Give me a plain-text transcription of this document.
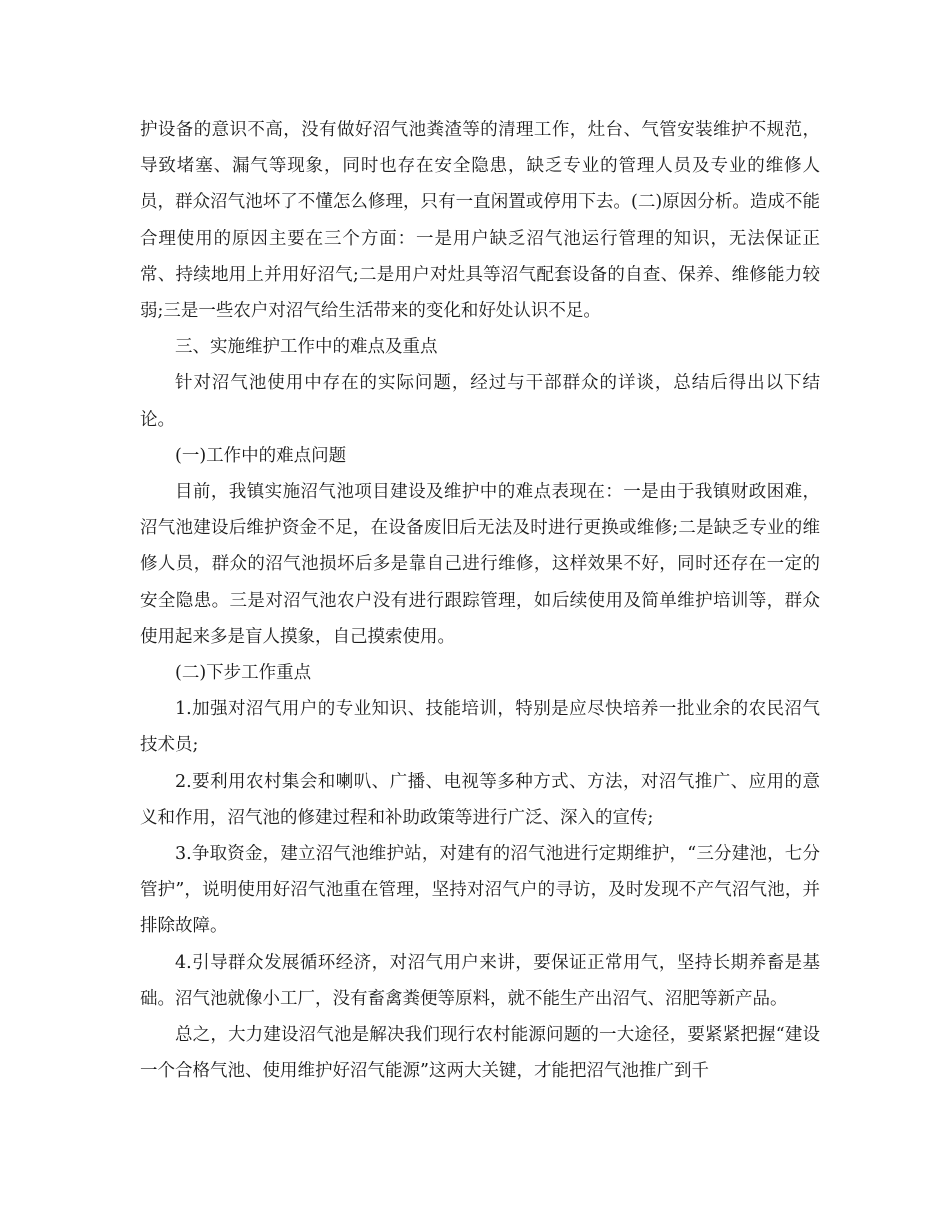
护设备的意识不高，没有做好沼气池粪渣等的清理工作，灶台、气管安装维护不规范，导致堵塞、漏气等现象，同时也存在安全隐患，缺乏专业的管理人员及专业的维修人员，群众沼气池坏了不懂怎么修理，只有一直闲置或停用下去。(二)原因分析。造成不能合理使用的原因主要在三个方面：一是用户缺乏沼气池运行管理的知识，无法保证正常、持续地用上并用好沼气;二是用户对灶具等沼气配套设备的自查、保养、维修能力较弱;三是一些农户对沼气给生活带来的变化和好处认识不足。

三、实施维护工作中的难点及重点

针对沼气池使用中存在的实际问题，经过与干部群众的详谈，总结后得出以下结论。

(一)工作中的难点问题

目前，我镇实施沼气池项目建设及维护中的难点表现在：一是由于我镇财政困难，沼气池建设后维护资金不足，在设备废旧后无法及时进行更换或维修;二是缺乏专业的维修人员，群众的沼气池损坏后多是靠自己进行维修，这样效果不好，同时还存在一定的安全隐患。三是对沼气池农户没有进行跟踪管理，如后续使用及简单维护培训等，群众使用起来多是盲人摸象，自己摸索使用。

(二)下步工作重点

1.加强对沼气用户的专业知识、技能培训，特别是应尽快培养一批业余的农民沼气技术员;

2.要利用农村集会和喇叭、广播、电视等多种方式、方法，对沼气推广、应用的意义和作用，沼气池的修建过程和补助政策等进行广泛、深入的宣传;

3.争取资金，建立沼气池维护站，对建有的沼气池进行定期维护，“三分建池，七分管护”，说明使用好沼气池重在管理，坚持对沼气户的寻访，及时发现不产气沼气池，并排除故障。

4.引导群众发展循环经济，对沼气用户来讲，要保证正常用气，坚持长期养畜是基础。沼气池就像小工厂，没有畜禽粪便等原料，就不能生产出沼气、沼肥等新产品。

总之，大力建设沼气池是解决我们现行农村能源问题的一大途径，要紧紧把握“建设一个合格气池、使用维护好沼气能源”这两大关键，才能把沼气池推广到千
